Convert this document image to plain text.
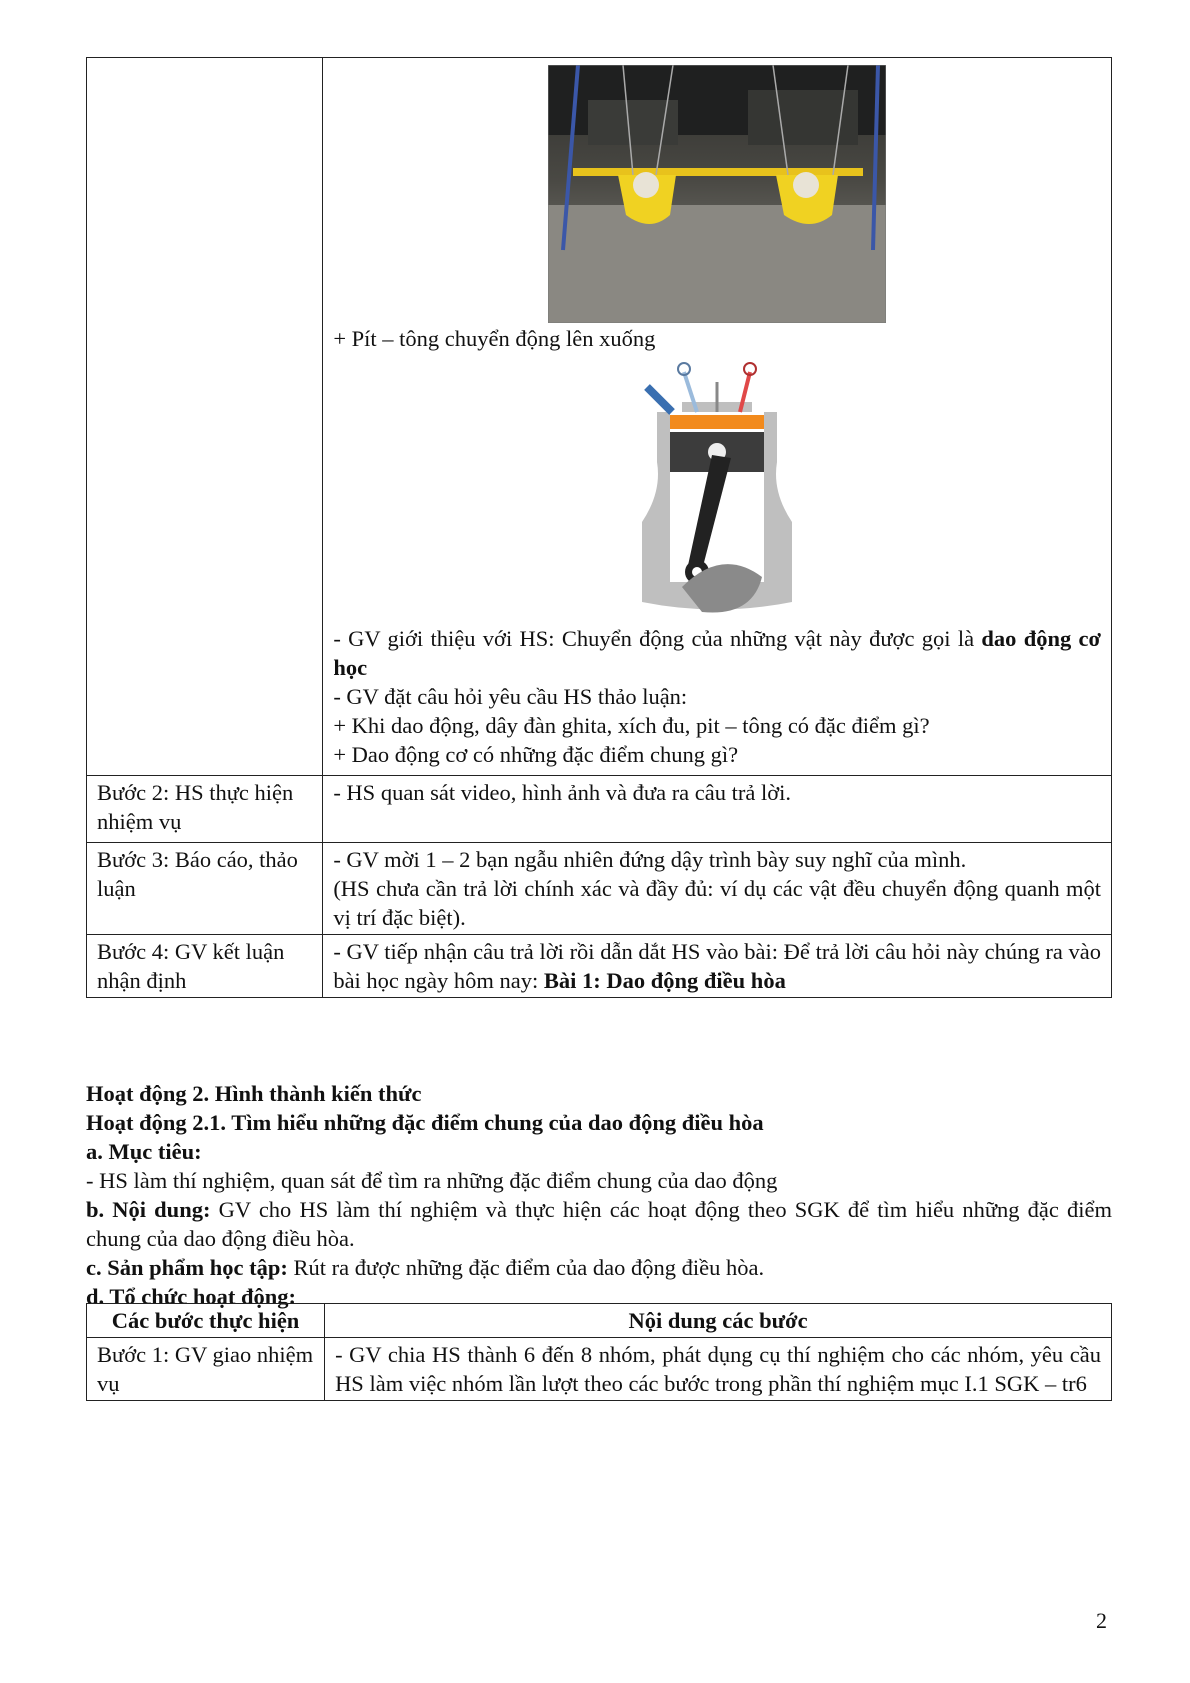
	+ Pít – tông chuyển động lên xuống

- GV giới thiệu với HS: Chuyển động của những vật này được gọi là dao động cơ học

- GV đặt câu hỏi yêu cầu HS thảo luận:

+ Khi dao động, dây đàn ghita, xích đu, pit – tông có đặc điểm gì?

+ Dao động cơ có những đặc điểm chung gì?

Bước 2: HS thực hiện nhiệm vụ	- HS quan sát video, hình ảnh và đưa ra câu trả lời.
Bước 3: Báo cáo, thảo luận	- GV mời 1 – 2 bạn ngẫu nhiên đứng dậy trình bày suy nghĩ của mình.

(HS chưa cần trả lời chính xác và đầy đủ: ví dụ các vật đều chuyển động quanh một vị trí đặc biệt).

Bước 4: GV kết luận nhận định	- GV tiếp nhận câu trả lời rồi dẫn dắt HS vào bài: Để trả lời câu hỏi này chúng ra vào bài học ngày hôm nay: Bài 1: Dao động điều hòa

Hoạt động 2. Hình thành kiến thức

Hoạt động 2.1. Tìm hiểu những đặc điểm chung của dao động điều hòa

a. Mục tiêu:

- HS làm thí nghiệm, quan sát để tìm ra những đặc điểm chung của dao động

b. Nội dung: GV cho HS làm thí nghiệm và thực hiện các hoạt động theo SGK để tìm hiểu những đặc điểm chung của dao động điều hòa.

c. Sản phẩm học tập: Rút ra được những đặc điểm của dao động điều hòa.

d. Tổ chức hoạt động:

Các bước thực hiện	Nội dung các bước
Bước 1: GV giao nhiệm vụ	- GV chia HS thành 6 đến 8 nhóm, phát dụng cụ thí nghiệm cho các nhóm, yêu cầu HS làm việc nhóm lần lượt theo các bước trong phần thí nghiệm mục I.1 SGK – tr6
2
